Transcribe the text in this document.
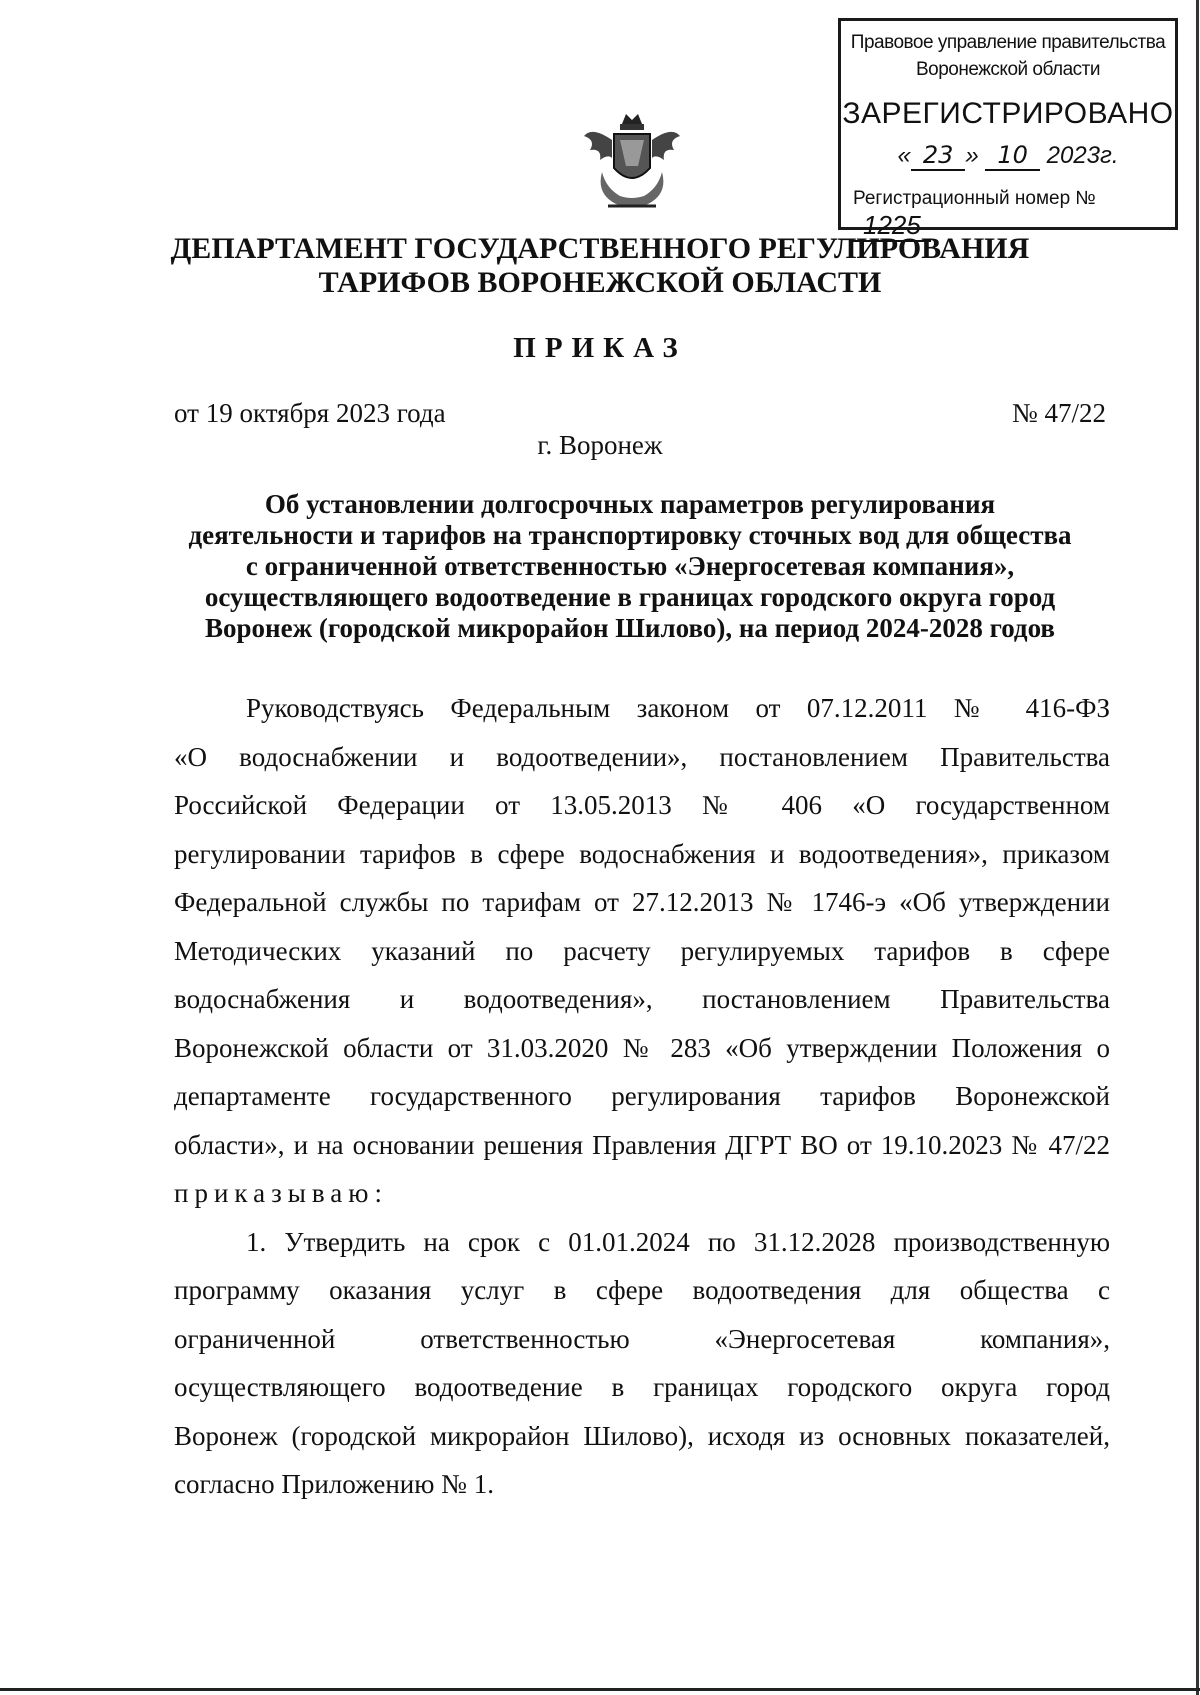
Правовое управление правительства
Воронежской области
ЗАРЕГИСТРИРОВАНО
« 23 » 10 2023г.
Регистрационный номер № 1225
ДЕПАРТАМЕНТ ГОСУДАРСТВЕННОГО РЕГУЛИРОВАНИЯ
ТАРИФОВ ВОРОНЕЖСКОЙ ОБЛАСТИ
ПРИКАЗ
от 19 октября 2023 года	№ 47/22
г. Воронеж
Об установлении долгосрочных параметров регулирования
деятельности и тарифов на транспортировку сточных вод для общества
с ограниченной ответственностью «Энергосетевая компания»,
осуществляющего водоотведение в границах городского округа город
Воронеж (городской микрорайон Шилово), на период 2024-2028 годов
Руководствуясь Федеральным законом от 07.12.2011 № 416-ФЗ
«О водоснабжении и водоотведении», постановлением Правительства
Российской Федерации от 13.05.2013 № 406 «О государственном
регулировании тарифов в сфере водоснабжения и водоотведения», приказом
Федеральной службы по тарифам от 27.12.2013 № 1746-э «Об утверждении
Методических указаний по расчету регулируемых тарифов в сфере
водоснабжения и водоотведения», постановлением Правительства
Воронежской области от 31.03.2020 № 283 «Об утверждении Положения о
департаменте государственного регулирования тарифов Воронежской
области», и на основании решения Правления ДГРТ ВО от 19.10.2023 № 47/22
приказываю:
1. Утвердить на срок с 01.01.2024 по 31.12.2028 производственную
программу оказания услуг в сфере водоотведения для общества с
ограниченной ответственностью «Энергосетевая компания»,
осуществляющего водоотведение в границах городского округа город
Воронеж (городской микрорайон Шилово), исходя из основных показателей,
согласно Приложению № 1.
